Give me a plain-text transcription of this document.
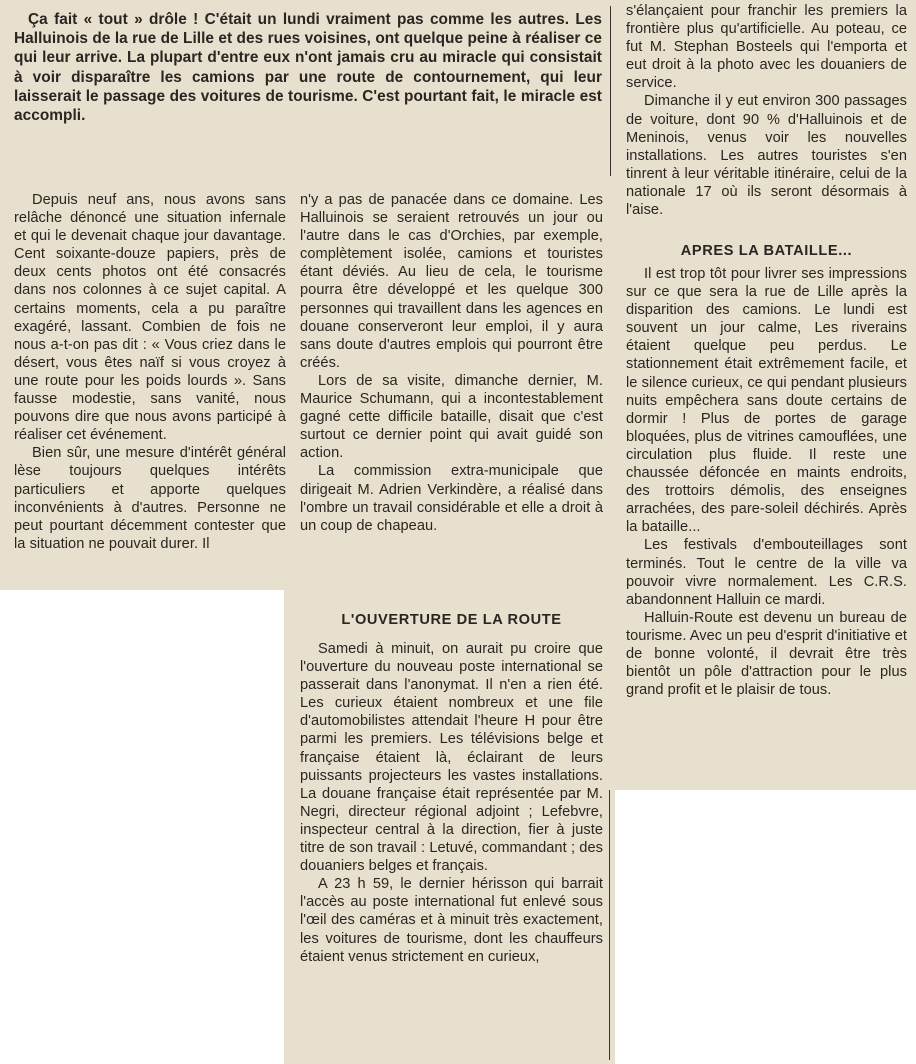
Ça fait « tout » drôle ! C'était un lundi vraiment pas comme les autres. Les Halluinois de la rue de Lille et des rues voisines, ont quelque peine à réaliser ce qui leur arrive. La plupart d'entre eux n'ont jamais cru au miracle qui consistait à voir disparaître les camions par une route de contournement, qui leur laisserait le passage des voitures de tourisme. C'est pourtant fait, le miracle est accompli.

Depuis neuf ans, nous avons sans relâche dénoncé une situation infernale et qui le devenait chaque jour davantage. Cent soixante-douze papiers, près de deux cents photos ont été consacrés dans nos colonnes à ce sujet capital. A certains moments, cela a pu paraître exagéré, lassant. Combien de fois ne nous a-t-on pas dit : « Vous criez dans le désert, vous êtes naïf si vous croyez à une route pour les poids lourds ». Sans fausse modestie, sans vanité, nous pouvons dire que nous avons participé à réaliser cet événement.

Bien sûr, une mesure d'intérêt général lèse toujours quelques intérêts particuliers et apporte quelques inconvénients à d'autres. Personne ne peut pourtant décemment contester que la situation ne pouvait durer. Il

n'y a pas de panacée dans ce domaine. Les Halluinois se seraient retrouvés un jour ou l'autre dans le cas d'Orchies, par exemple, complètement isolée, camions et touristes étant déviés. Au lieu de cela, le tourisme pourra être développé et les quelque 300 personnes qui travaillent dans les agences en douane conserveront leur emploi, il y aura sans doute d'autres emplois qui pourront être créés.

Lors de sa visite, dimanche dernier, M. Maurice Schumann, qui a incontestablement gagné cette difficile bataille, disait que c'est surtout ce dernier point qui avait guidé son action.

La commission extra-municipale que dirigeait M. Adrien Verkindère, a réalisé dans l'ombre un travail considérable et elle a droit à un coup de chapeau.

L'OUVERTURE DE LA ROUTE

Samedi à minuit, on aurait pu croire que l'ouverture du nouveau poste international se passerait dans l'anonymat. Il n'en a rien été. Les curieux étaient nombreux et une file d'automobilistes attendait l'heure H pour être parmi les premiers. Les télévisions belge et française étaient là, éclairant de leurs puissants projecteurs les vastes installations. La douane française était représentée par M. Negri, directeur régional adjoint ; Lefebvre, inspecteur central à la direction, fier à juste titre de son travail : Letuvé, commandant ; des douaniers belges et français.

A 23 h 59, le dernier hérisson qui barrait l'accès au poste international fut enlevé sous l'œil des caméras et à minuit très exactement, les voitures de tourisme, dont les chauffeurs étaient venus strictement en curieux,

s'élançaient pour franchir les premiers la frontière plus qu'artificielle. Au poteau, ce fut M. Stephan Bosteels qui l'emporta et eut droit à la photo avec les douaniers de service.

Dimanche il y eut environ 300 passages de voiture, dont 90 % d'Halluinois et de Meninois, venus voir les nouvelles installations. Les autres touristes s'en tinrent à leur véritable itinéraire, celui de la nationale 17 où ils seront désormais à l'aise.

APRES LA BATAILLE...

Il est trop tôt pour livrer ses impressions sur ce que sera la rue de Lille après la disparition des camions. Le lundi est souvent un jour calme, Les riverains étaient quelque peu perdus. Le stationnement était extrêmement facile, et le silence curieux, ce qui pendant plusieurs nuits empêchera sans doute certains de dormir ! Plus de portes de garage bloquées, plus de vitrines camouflées, une circulation plus fluide. Il reste une chaussée défoncée en maints endroits, des trottoirs démolis, des enseignes arrachées, des pare-soleil déchirés. Après la bataille...

Les festivals d'embouteillages sont terminés. Tout le centre de la ville va pouvoir vivre normalement. Les C.R.S. abandonnent Halluin ce mardi.

Halluin-Route est devenu un bureau de tourisme. Avec un peu d'esprit d'initiative et de bonne volonté, il devrait être très bientôt un pôle d'attraction pour le plus grand profit et le plaisir de tous.
